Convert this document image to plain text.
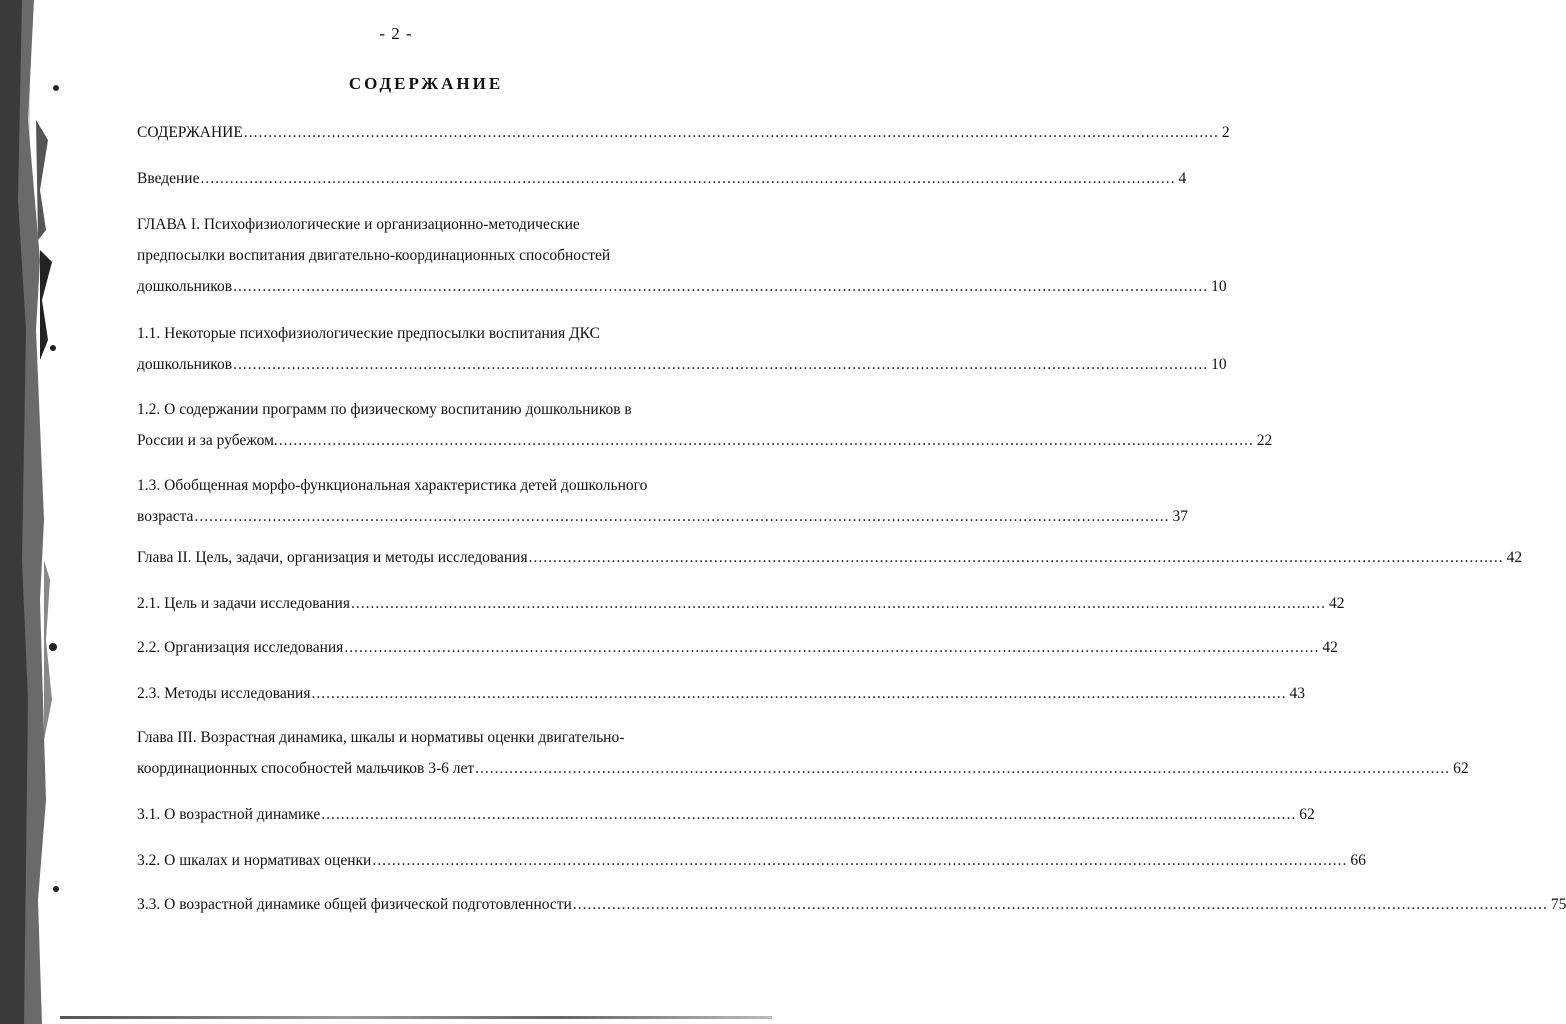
- 2 -
СОДЕРЖАНИЕ
СОДЕРЖАНИЕ ........................................................................................................................................................................................................ 2
Введение ........................................................................................................................................................................................................ 4
ГЛАВА I. Психофизиологические и организационно-методические
предпосылки воспитания двигательно-координационных способностей
дошкольников ........................................................................................................................................................................................................ 10
1.1. Некоторые психофизиологические предпосылки воспитания ДКС
дошкольников ........................................................................................................................................................................................................ 10
1.2. О содержании программ по физическому воспитанию дошкольников в
России и за рубежом. ........................................................................................................................................................................................................ 22
1.3. Обобщенная морфо-функциональная характеристика детей дошкольного
возраста ........................................................................................................................................................................................................ 37
Глава II. Цель, задачи, организация и методы исследования ........................................................................................................................................................................................................ 42
2.1. Цель и задачи исследования ........................................................................................................................................................................................................ 42
2.2. Организация исследования ........................................................................................................................................................................................................ 42
2.3. Методы исследования ........................................................................................................................................................................................................ 43
Глава III. Возрастная динамика, шкалы и нормативы оценки двигательно-
координационных способностей мальчиков 3-6 лет ........................................................................................................................................................................................................ 62
3.1. О возрастной динамике ........................................................................................................................................................................................................ 62
3.2. О шкалах и нормативах оценки ........................................................................................................................................................................................................ 66
3.3. О возрастной динамике общей физической подготовленности ........................................................................................................................................................................................................ 75
